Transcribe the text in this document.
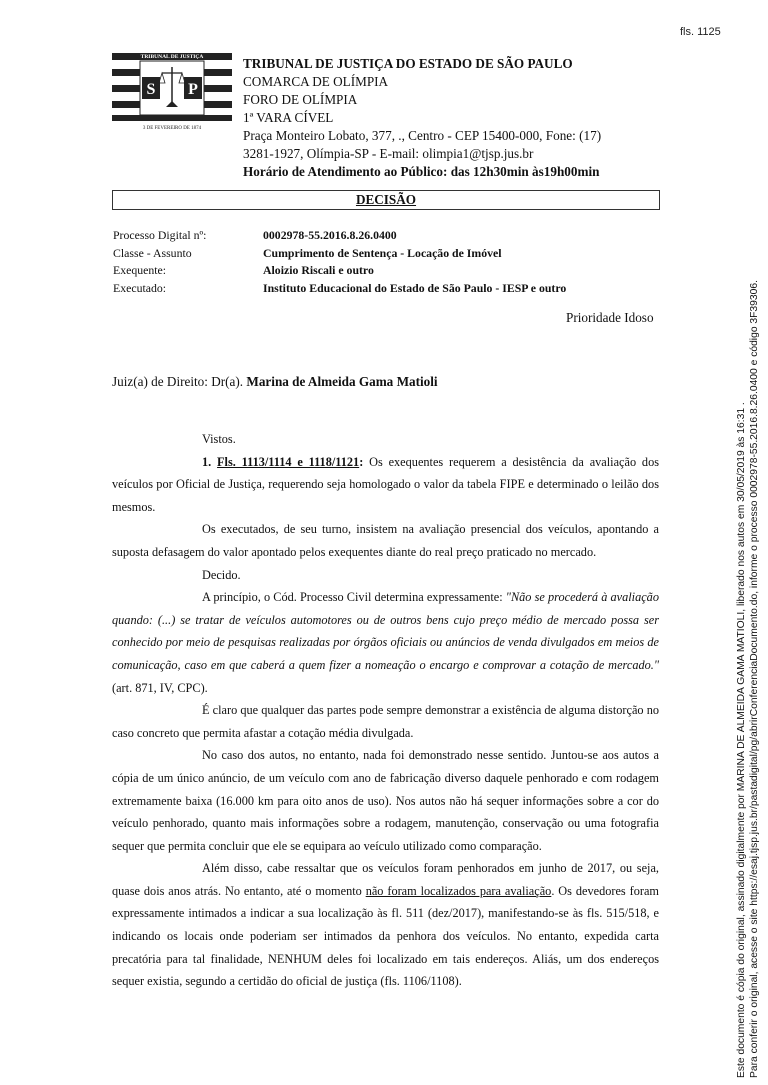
fls. 1125
TRIBUNAL DE JUSTIÇA
S P
3 DE FEVEREIRO DE 1874
TRIBUNAL DE JUSTIÇA DO ESTADO DE SÃO PAULO
COMARCA DE OLÍMPIA
FORO DE OLÍMPIA
1ª VARA CÍVEL
Praça Monteiro Lobato, 377, ., Centro - CEP 15400-000, Fone: (17)
3281-1927, Olímpia-SP - E-mail: olimpia1@tjsp.jus.br
Horário de Atendimento ao Público: das 12h30min às19h00min
DECISÃO
Processo Digital nº:	0002978-55.2016.8.26.0400
Classe - Assunto	Cumprimento de Sentença - Locação de Imóvel
Exequente:	Aloizio Riscali e outro
Executado:	Instituto Educacional do Estado de São Paulo - IESP e outro
Prioridade Idoso
Juiz(a) de Direito: Dr(a). Marina de Almeida Gama Matioli

Vistos.

1. Fls. 1113/1114 e 1118/1121: Os exequentes requerem a desistência da avaliação dos veículos por Oficial de Justiça, requerendo seja homologado o valor da tabela FIPE e determinado o leilão dos mesmos.

Os executados, de seu turno, insistem na avaliação presencial dos veículos, apontando a suposta defasagem do valor apontado pelos exequentes diante do real preço praticado no mercado.

Decido.

A princípio, o Cód. Processo Civil determina expressamente: "Não se procederá à avaliação quando: (...) se tratar de veículos automotores ou de outros bens cujo preço médio de mercado possa ser conhecido por meio de pesquisas realizadas por órgãos oficiais ou anúncios de venda divulgados em meios de comunicação, caso em que caberá a quem fizer a nomeação o encargo e comprovar a cotação de mercado." (art. 871, IV, CPC).

É claro que qualquer das partes pode sempre demonstrar a existência de alguma distorção no caso concreto que permita afastar a cotação média divulgada.

No caso dos autos, no entanto, nada foi demonstrado nesse sentido. Juntou-se aos autos a cópia de um único anúncio, de um veículo com ano de fabricação diverso daquele penhorado e com rodagem extremamente baixa (16.000 km para oito anos de uso). Nos autos não há sequer informações sobre a cor do veículo penhorado, quanto mais informações sobre a rodagem, manutenção, conservação ou uma fotografia sequer que permita concluir que ele se equipara ao veículo utilizado como comparação.

Além disso, cabe ressaltar que os veículos foram penhorados em junho de 2017, ou seja, quase dois anos atrás. No entanto, até o momento não foram localizados para avaliação. Os devedores foram expressamente intimados a indicar a sua localização às fl. 511 (dez/2017), manifestando-se às fls. 515/518, e indicando os locais onde poderiam ser intimados da penhora dos veículos. No entanto, expedida carta precatória para tal finalidade, NENHUM deles foi localizado em tais endereços. Aliás, um dos endereços sequer existia, segundo a certidão do oficial de justiça (fls. 1106/1108).	Este documento é cópia do original, assinado digitalmente por MARINA DE ALMEIDA GAMA MATIOLI, liberado nos autos em 30/05/2019 às 16:31 . Para conferir o original, acesse o site https://esaj.tjsp.jus.br/pastadigital/pg/abrirConferenciaDocumento.do, informe o processo 0002978-55.2016.8.26.0400 e código 3F39306.
